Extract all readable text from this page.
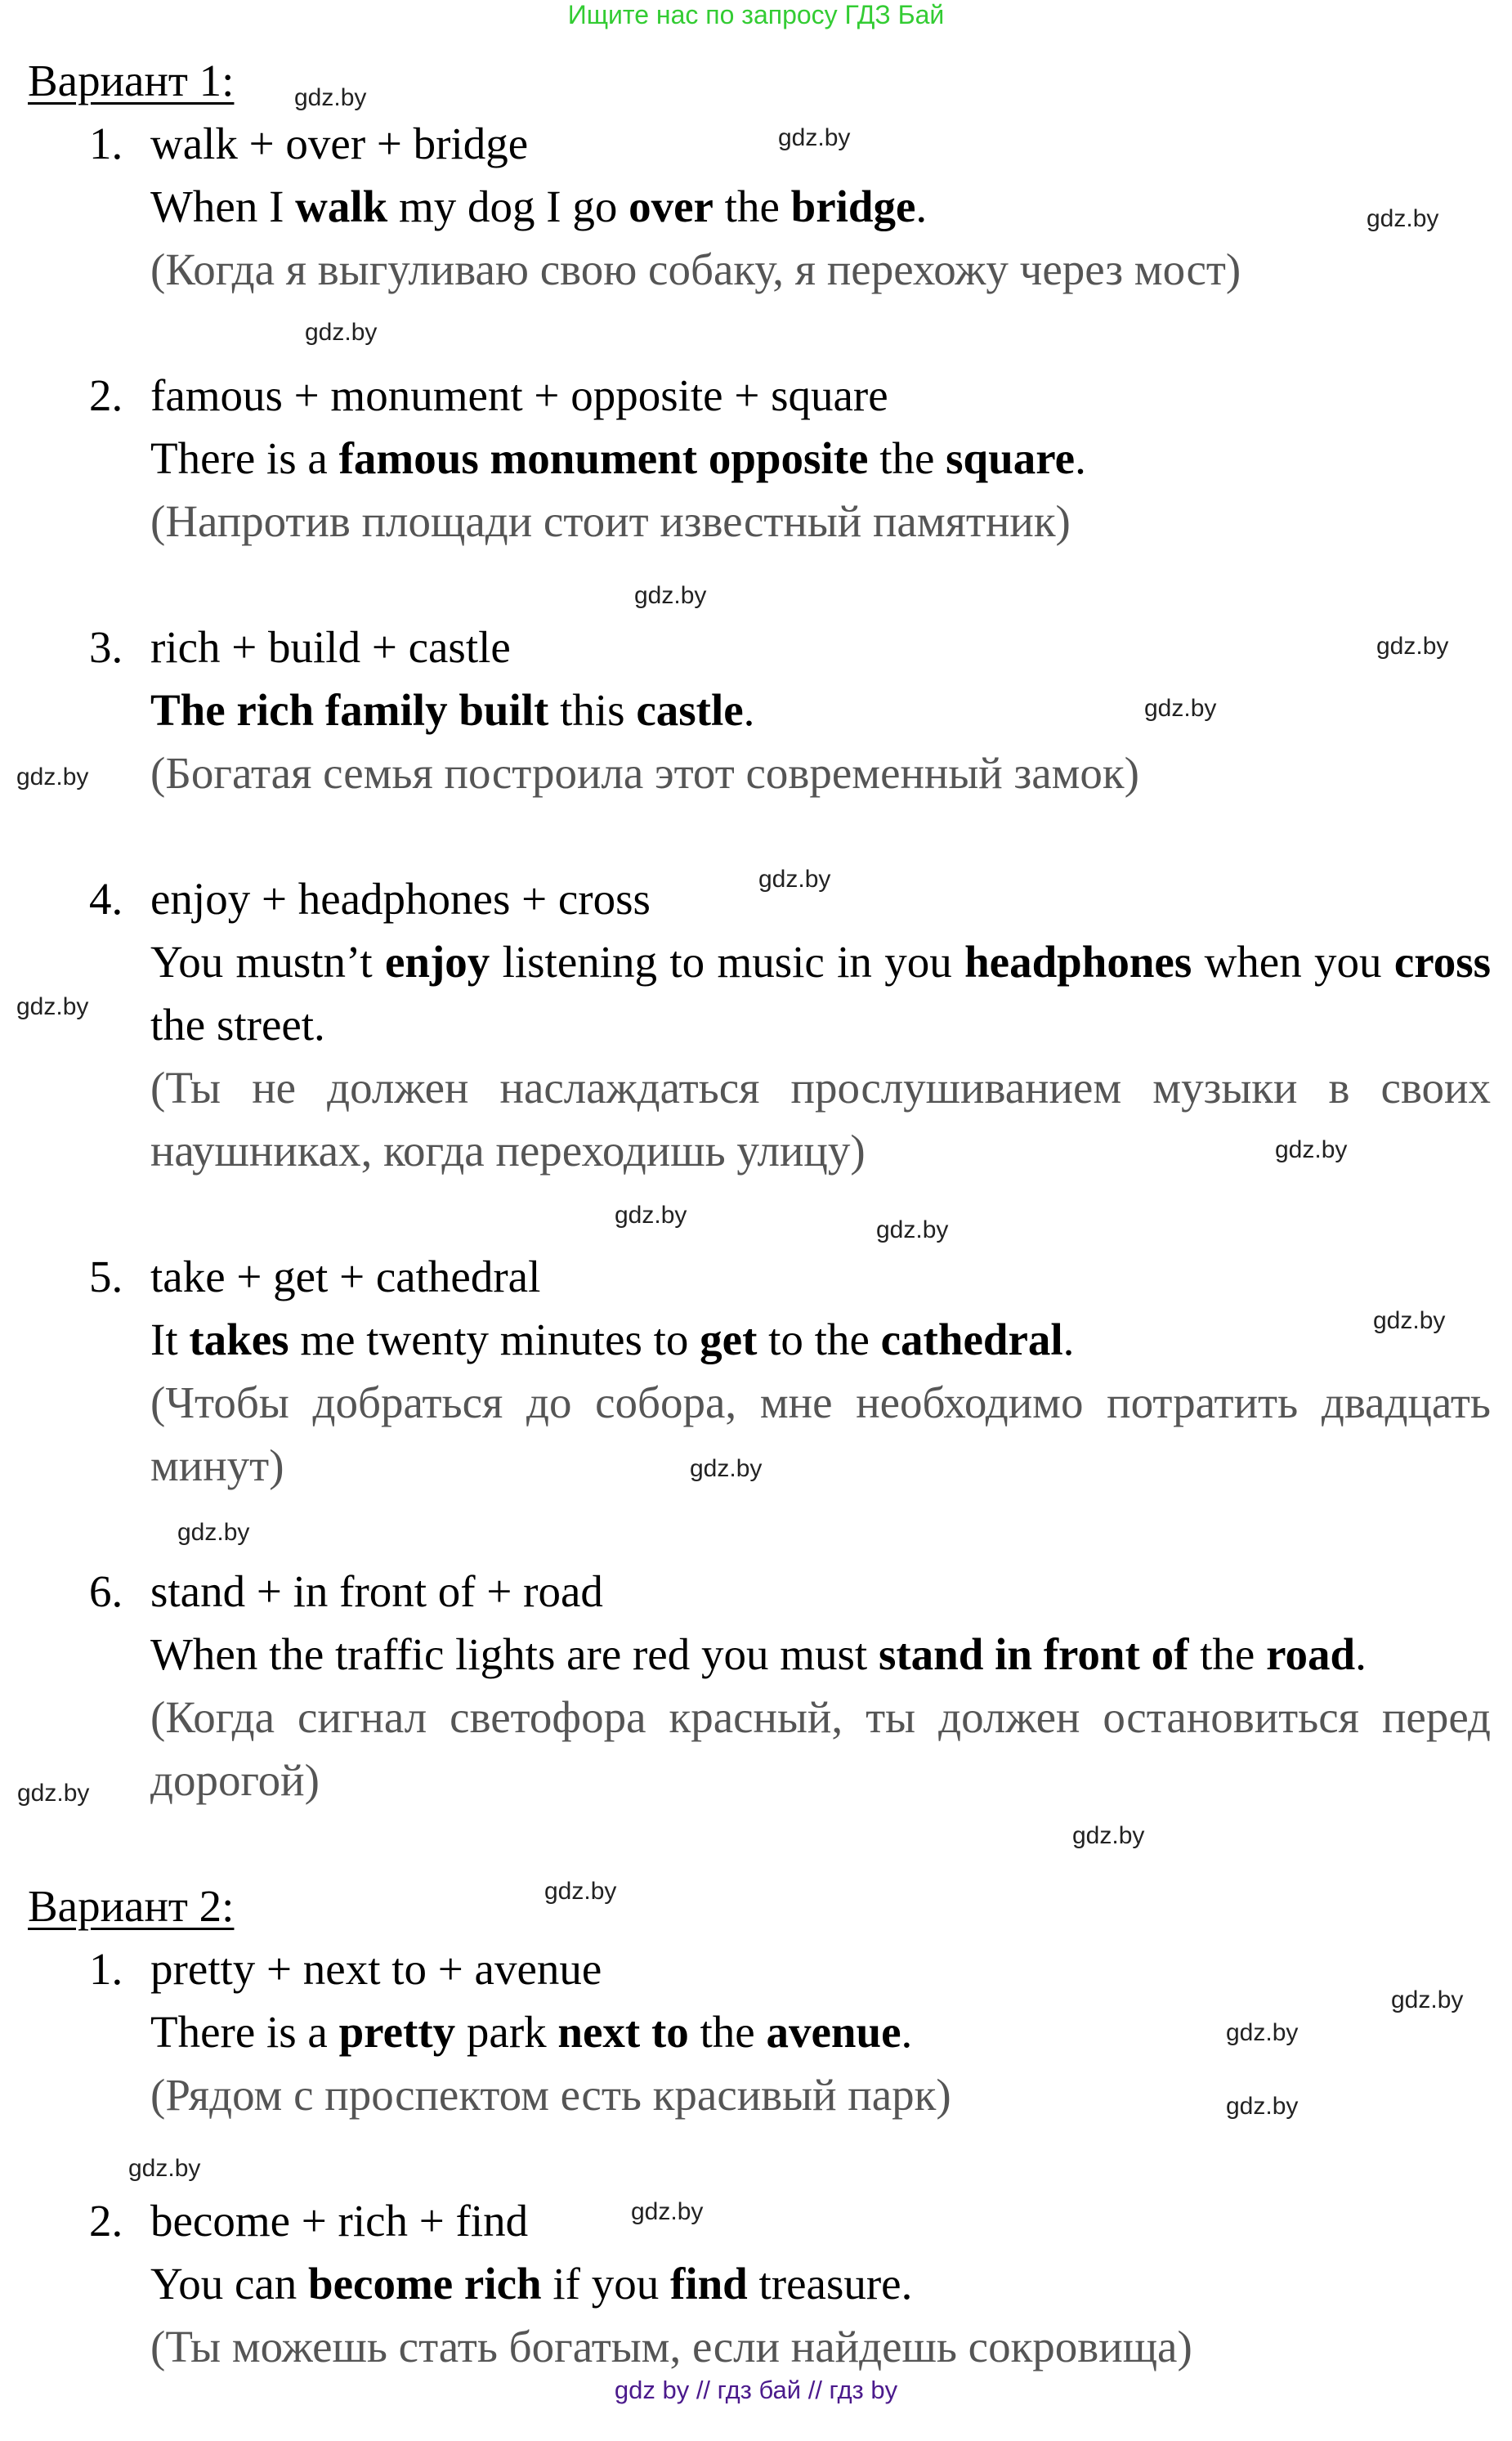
Ищите нас по запросу ГДЗ Бай
Вариант 1:
1. walk + over + bridge
When I walk my dog I go over the bridge.
(Когда я выгуливаю свою собаку, я перехожу через мост)
2. famous + monument + opposite + square
There is a famous monument opposite the square.
(Напротив площади стоит известный памятник)
3. rich + build + castle
The rich family built this castle.
(Богатая семья построила этот современный замок)
4. enjoy + headphones + cross
You mustn’t enjoy listening to music in you headphones when you cross the street.
(Ты не должен наслаждаться прослушиванием музыки в своих наушниках, когда переходишь улицу)
5. take + get + cathedral
It takes me twenty minutes to get to the cathedral.
(Чтобы добраться до собора, мне необходимо потратить двадцать минут)
6. stand + in front of + road
When the traffic lights are red you must stand in front of the road.
(Когда сигнал светофора красный, ты должен остановиться перед дорогой)
Вариант 2:
1. pretty + next to + avenue
There is a pretty park next to the avenue.
(Рядом с проспектом есть красивый парк)
2. become + rich + find
You can become rich if you find treasure.
(Ты можешь стать богатым, если найдешь сокровища)
gdz.by
gdz.by
gdz.by
gdz.by
gdz.by
gdz.by
gdz.by
gdz.by
gdz.by
gdz.by
gdz.by
gdz.by
gdz.by
gdz.by
gdz.by
gdz.by
gdz.by
gdz.by
gdz.by
gdz.by
gdz.by
gdz.by
gdz.by
gdz.by
gdz by // гдз бай // гдз by
